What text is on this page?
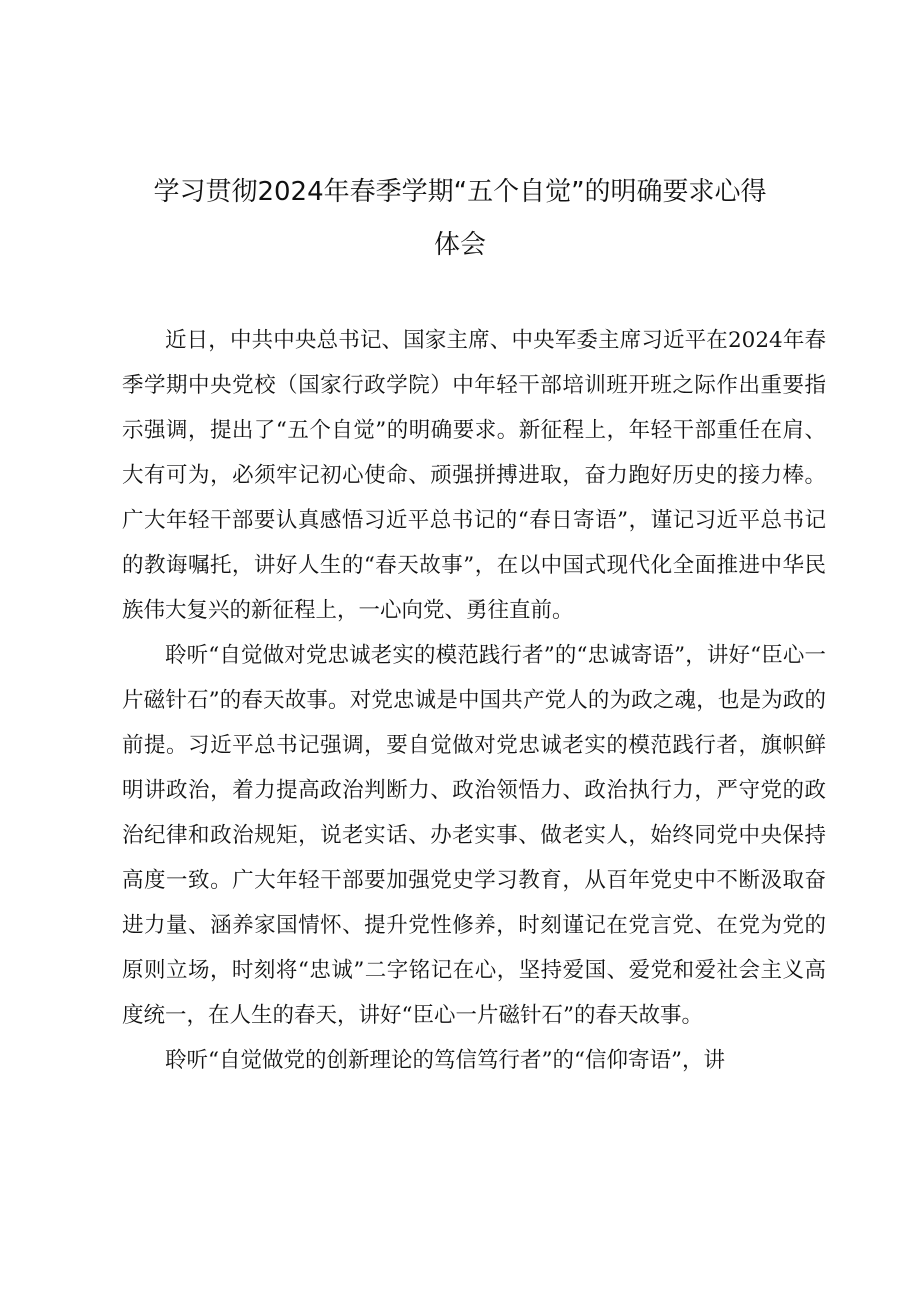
学习贯彻2024年春季学期“五个自觉”的明确要求心得
体会

近日，中共中央总书记、国家主席、中央军委主席习近平在2024年春季学期中央党校（国家行政学院）中年轻干部培训班开班之际作出重要指示强调，提出了“五个自觉”的明确要求。新征程上，年轻干部重任在肩、大有可为，必须牢记初心使命、顽强拼搏进取，奋力跑好历史的接力棒。广大年轻干部要认真感悟习近平总书记的“春日寄语”，谨记习近平总书记的教诲嘱托，讲好人生的“春天故事”，在以中国式现代化全面推进中华民族伟大复兴的新征程上，一心向党、勇往直前。

聆听“自觉做对党忠诚老实的模范践行者”的“忠诚寄语”，讲好“臣心一片磁针石”的春天故事。对党忠诚是中国共产党人的为政之魂，也是为政的前提。习近平总书记强调，要自觉做对党忠诚老实的模范践行者，旗帜鲜明讲政治，着力提高政治判断力、政治领悟力、政治执行力，严守党的政治纪律和政治规矩，说老实话、办老实事、做老实人，始终同党中央保持高度一致。广大年轻干部要加强党史学习教育，从百年党史中不断汲取奋进力量、涵养家国情怀、提升党性修养，时刻谨记在党言党、在党为党的原则立场，时刻将“忠诚”二字铭记在心，坚持爱国、爱党和爱社会主义高度统一，在人生的春天，讲好“臣心一片磁针石”的春天故事。

聆听“自觉做党的创新理论的笃信笃行者”的“信仰寄语”，讲
